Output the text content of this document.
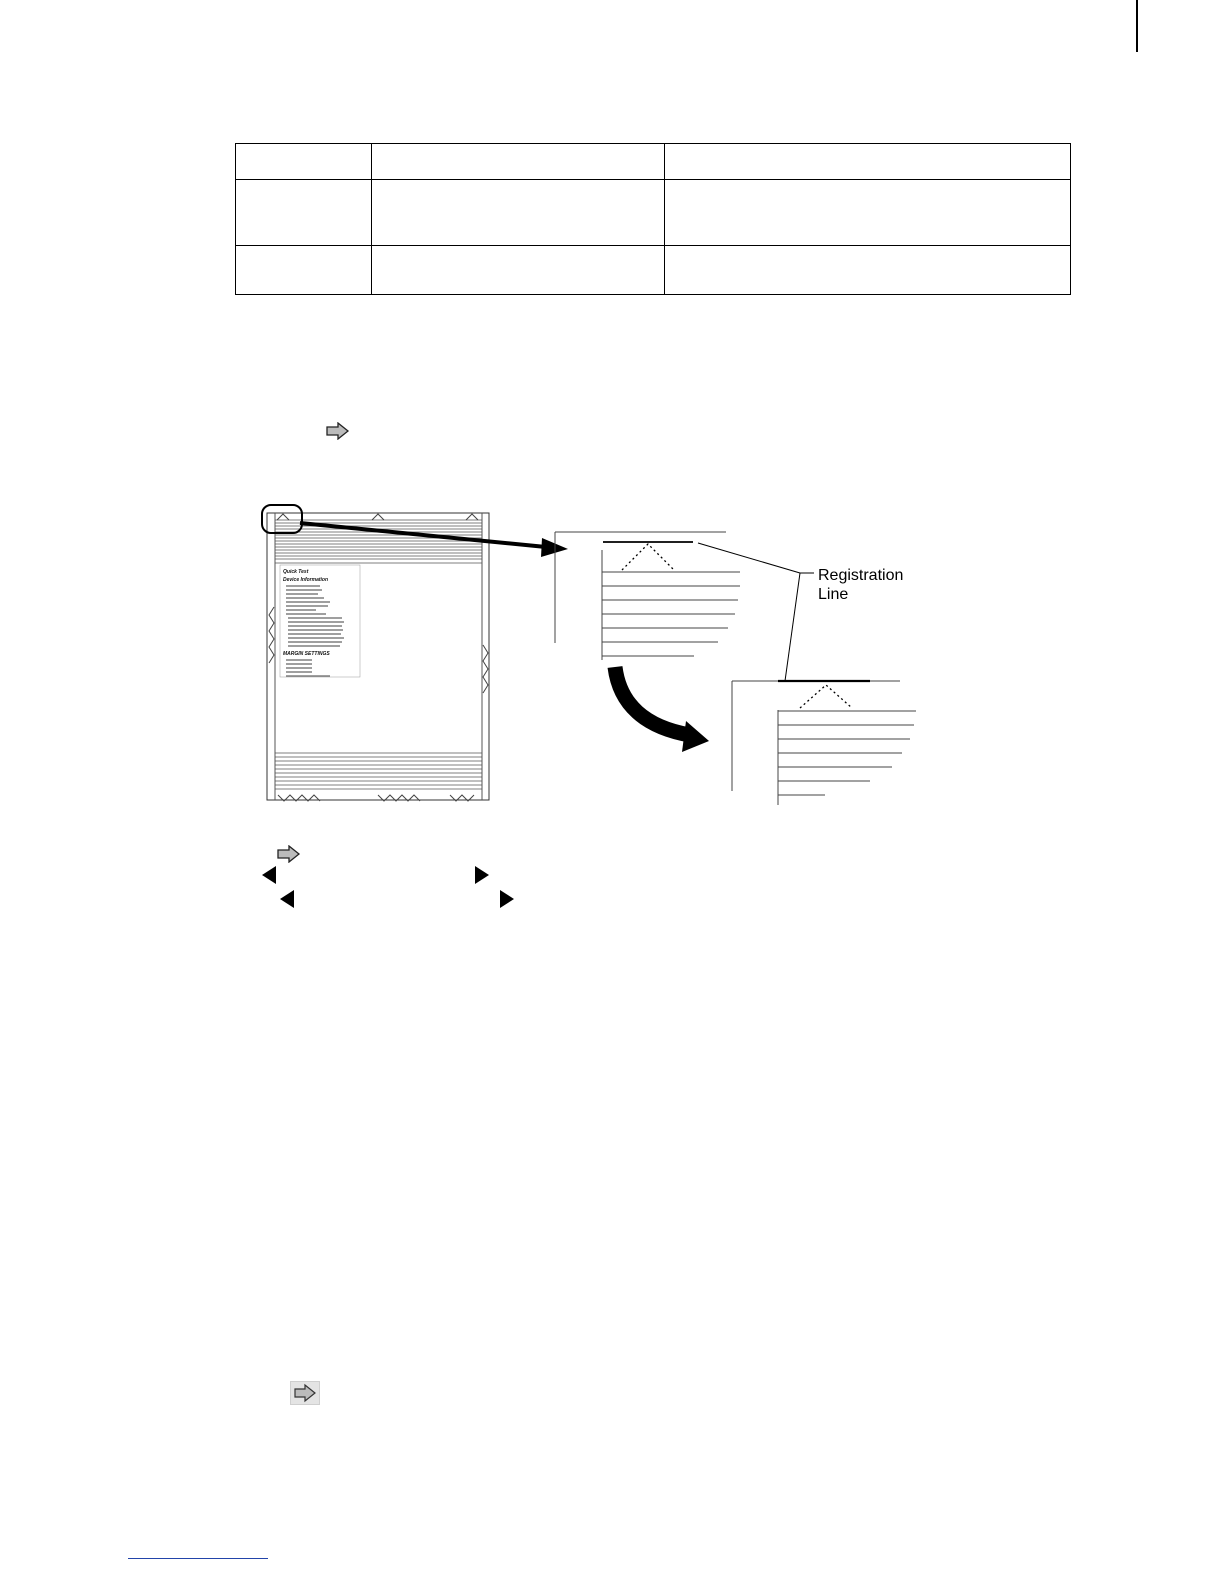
Quick Test
Device Information
MARGIN SETTINGS
Registration
Line
